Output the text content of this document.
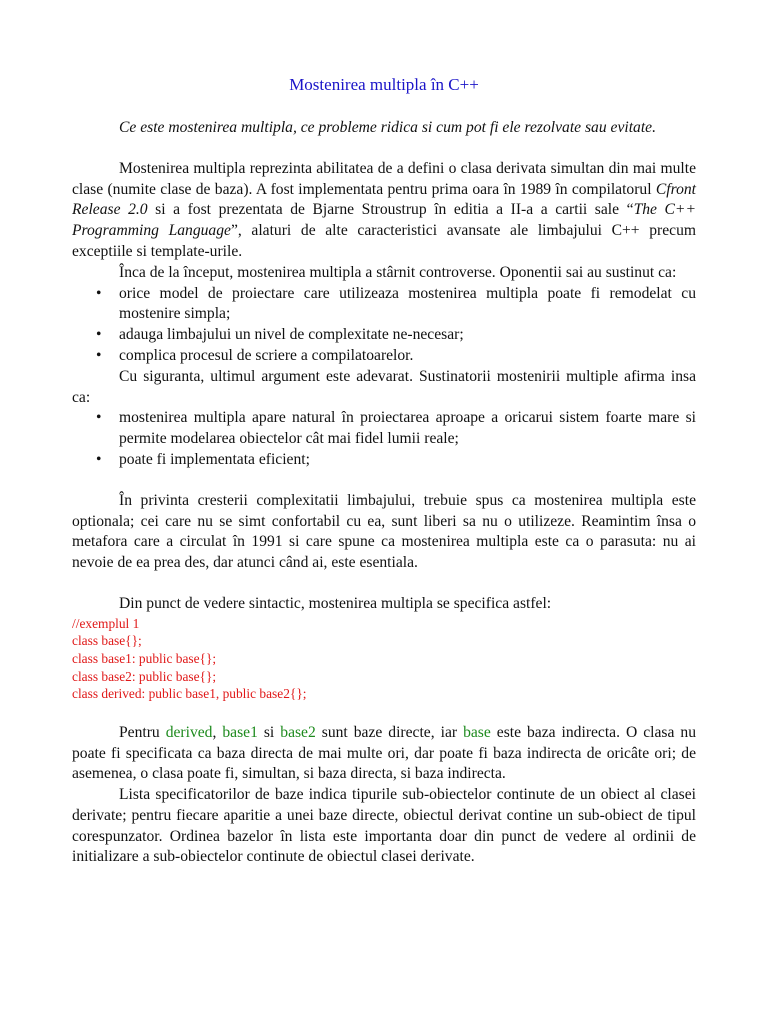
Mostenirea multipla în C++

Ce este mostenirea multipla, ce probleme ridica si cum pot fi ele rezolvate sau evitate.

Mostenirea multipla reprezinta abilitatea de a defini o clasa derivata simultan din mai multe clase (numite clase de baza). A fost implementata pentru prima oara în 1989 în compilatorul Cfront Release 2.0 si a fost prezentata de Bjarne Stroustrup în editia a II-a a cartii sale “The C++ Programming Language”, alaturi de alte caracteristici avansate ale limbajului C++ precum exceptiile si template-urile.

Înca de la început, mostenirea multipla a stârnit controverse. Oponentii sai au sustinut ca:

• orice model de proiectare care utilizeaza mostenirea multipla poate fi remodelat cu mostenire simpla;
• adauga limbajului un nivel de complexitate ne-necesar;
• complica procesul de scriere a compilatoarelor.

Cu siguranta, ultimul argument este adevarat. Sustinatorii mostenirii multiple afirma insa ca:

• mostenirea multipla apare natural în proiectarea aproape a oricarui sistem foarte mare si permite modelarea obiectelor cât mai fidel lumii reale;
• poate fi implementata eficient;

În privinta cresterii complexitatii limbajului, trebuie spus ca mostenirea multipla este optionala; cei care nu se simt confortabil cu ea, sunt liberi sa nu o utilizeze. Reamintim însa o metafora care a circulat în 1991 si care spune ca mostenirea multipla este ca o parasuta: nu ai nevoie de ea prea des, dar atunci când ai, este esentiala.

Din punct de vedere sintactic, mostenirea multipla se specifica astfel:

//exemplul 1
class base{};
class base1: public base{};
class base2: public base{};
class derived: public base1, public base2{};

Pentru derived, base1 si base2 sunt baze directe, iar base este baza indirecta. O clasa nu poate fi specificata ca baza directa de mai multe ori, dar poate fi baza indirecta de oricâte ori; de asemenea, o clasa poate fi, simultan, si baza directa, si baza indirecta.

Lista specificatorilor de baze indica tipurile sub-obiectelor continute de un obiect al clasei derivate; pentru fiecare aparitie a unei baze directe, obiectul derivat contine un sub-obiect de tipul corespunzator. Ordinea bazelor în lista este importanta doar din punct de vedere al ordinii de initializare a sub-obiectelor continute de obiectul clasei derivate.
